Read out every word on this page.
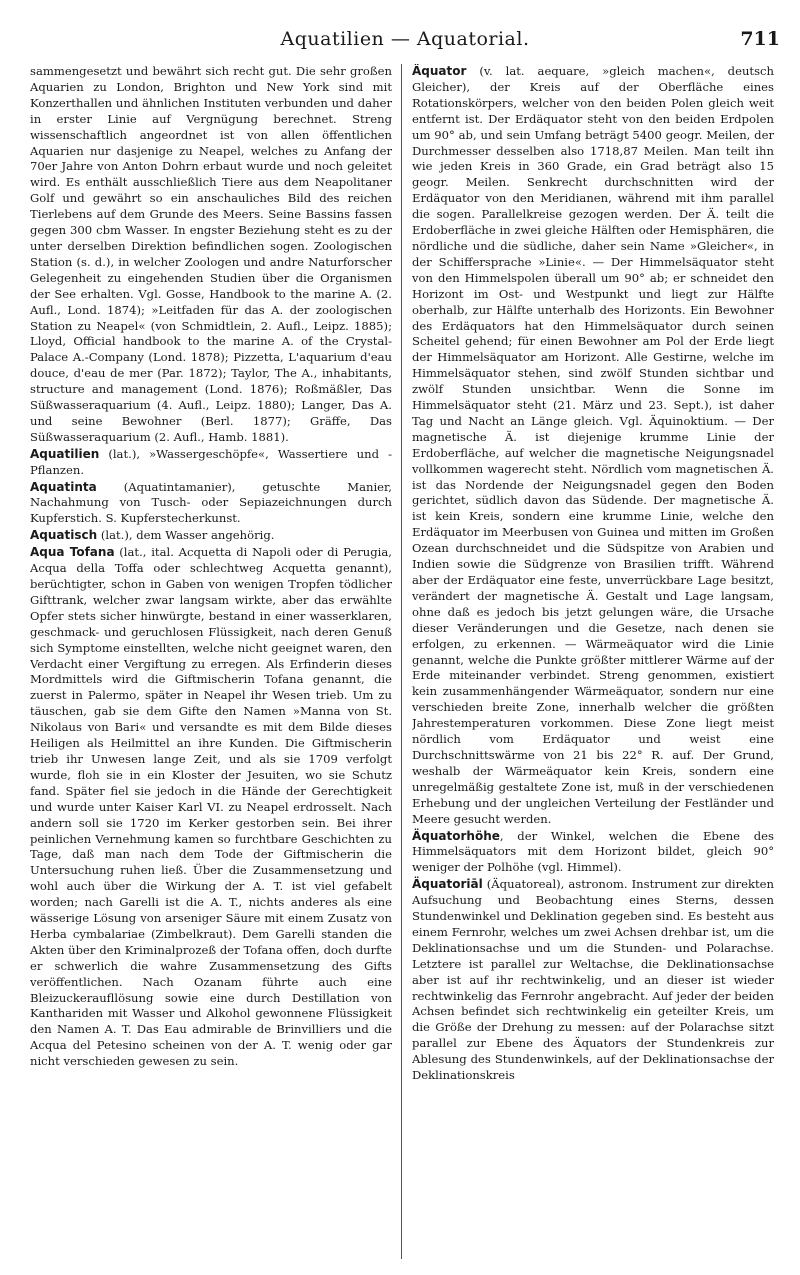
Aquatilien — Aquatorial.	711

sammengesetzt und bewährt sich recht gut. Die sehr großen Aquarien zu London, Brighton und New York sind mit Konzerthallen und ähnlichen Instituten verbunden und daher in erster Linie auf Vergnügung berechnet. Streng wissenschaftlich angeordnet ist von allen öffentlichen Aquarien nur dasjenige zu Neapel, welches zu Anfang der 70er Jahre von Anton Dohrn erbaut wurde und noch geleitet wird. Es enthält ausschließlich Tiere aus dem Neapolitaner Golf und gewährt so ein anschauliches Bild des reichen Tierlebens auf dem Grunde des Meers. Seine Bassins fassen gegen 300 cbm Wasser. In engster Beziehung steht es zu der unter derselben Direktion befindlichen sogen. Zoologischen Station (s. d.), in welcher Zoologen und andre Naturforscher Gelegenheit zu eingehenden Studien über die Organismen der See erhalten. Vgl. Gosse, Handbook to the marine A. (2. Aufl., Lond. 1874); »Leitfaden für das A. der zoologischen Station zu Neapel« (von Schmidtlein, 2. Aufl., Leipz. 1885); Lloyd, Official handbook to the marine A. of the Crystal-Palace A.-Company (Lond. 1878); Pizzetta, L'aquarium d'eau douce, d'eau de mer (Par. 1872); Taylor, The A., inhabitants, structure and management (Lond. 1876); Roßmäßler, Das Süßwasseraquarium (4. Aufl., Leipz. 1880); Langer, Das A. und seine Bewohner (Berl. 1877); Gräffe, Das Süßwasseraquarium (2. Aufl., Hamb. 1881).

Aquatilien (lat.), »Wassergeschöpfe«, Wassertiere und -Pflanzen.

Aquatinta (Aquatintamanier), getuschte Manier, Nachahmung von Tusch- oder Sepiazeichnungen durch Kupferstich. S. Kupferstecherkunst.

Aquatisch (lat.), dem Wasser angehörig.

Aqua Tofana (lat., ital. Acquetta di Napoli oder di Perugia, Acqua della Toffa oder schlechtweg Acquetta genannt), berüchtigter, schon in Gaben von wenigen Tropfen tödlicher Gifttrank, welcher zwar langsam wirkte, aber das erwählte Opfer stets sicher hinwürgte, bestand in einer wasserklaren, geschmack- und geruchlosen Flüssigkeit, nach deren Genuß sich Symptome einstellten, welche nicht geeignet waren, den Verdacht einer Vergiftung zu erregen. Als Erfinderin dieses Mordmittels wird die Giftmischerin Tofana genannt, die zuerst in Palermo, später in Neapel ihr Wesen trieb. Um zu täuschen, gab sie dem Gifte den Namen »Manna von St. Nikolaus von Bari« und versandte es mit dem Bilde dieses Heiligen als Heilmittel an ihre Kunden. Die Giftmischerin trieb ihr Unwesen lange Zeit, und als sie 1709 verfolgt wurde, floh sie in ein Kloster der Jesuiten, wo sie Schutz fand. Später fiel sie jedoch in die Hände der Gerechtigkeit und wurde unter Kaiser Karl VI. zu Neapel erdrosselt. Nach andern soll sie 1720 im Kerker gestorben sein. Bei ihrer peinlichen Vernehmung kamen so furchtbare Geschichten zu Tage, daß man nach dem Tode der Giftmischerin die Untersuchung ruhen ließ. Über die Zusammensetzung und wohl auch über die Wirkung der A. T. ist viel gefabelt worden; nach Garelli ist die A. T., nichts anderes als eine wässerige Lösung von arseniger Säure mit einem Zusatz von Herba cymbalariae (Zimbelkraut). Dem Garelli standen die Akten über den Kriminalprozeß der Tofana offen, doch durfte er schwerlich die wahre Zusammensetzung des Gifts veröffentlichen. Nach Ozanam führte auch eine Bleizuckeraufllösung sowie eine durch Destillation von Kanthariden mit Wasser und Alkohol gewonnene Flüssigkeit den Namen A. T. Das Eau admirable de Brinvilliers und die Acqua del Petesino scheinen von der A. T. wenig oder gar nicht verschieden gewesen zu sein.

Äquator (v. lat. aequare, »gleich machen«, deutsch Gleicher), der Kreis auf der Oberfläche eines Rotationskörpers, welcher von den beiden Polen gleich weit entfernt ist. Der Erdäquator steht von den beiden Erdpolen um 90° ab, und sein Umfang beträgt 5400 geogr. Meilen, der Durchmesser desselben also 1718,87 Meilen. Man teilt ihn wie jeden Kreis in 360 Grade, ein Grad beträgt also 15 geogr. Meilen. Senkrecht durchschnitten wird der Erdäquator von den Meridianen, während mit ihm parallel die sogen. Parallelkreise gezogen werden. Der Ä. teilt die Erdoberfläche in zwei gleiche Hälften oder Hemisphären, die nördliche und die südliche, daher sein Name »Gleicher«, in der Schiffersprache »Linie«. — Der Himmelsäquator steht von den Himmelspolen überall um 90° ab; er schneidet den Horizont im Ost- und Westpunkt und liegt zur Hälfte oberhalb, zur Hälfte unterhalb des Horizonts. Ein Bewohner des Erdäquators hat den Himmelsäquator durch seinen Scheitel gehend; für einen Bewohner am Pol der Erde liegt der Himmelsäquator am Horizont. Alle Gestirne, welche im Himmelsäquator stehen, sind zwölf Stunden sichtbar und zwölf Stunden unsichtbar. Wenn die Sonne im Himmelsäquator steht (21. März und 23. Sept.), ist daher Tag und Nacht an Länge gleich. Vgl. Äquinoktium. — Der magnetische Ä. ist diejenige krumme Linie der Erdoberfläche, auf welcher die magnetische Neigungsnadel vollkommen wagerecht steht. Nördlich vom magnetischen Ä. ist das Nordende der Neigungsnadel gegen den Boden gerichtet, südlich davon das Südende. Der magnetische Ä. ist kein Kreis, sondern eine krumme Linie, welche den Erdäquator im Meerbusen von Guinea und mitten im Großen Ozean durchschneidet und die Südspitze von Arabien und Indien sowie die Südgrenze von Brasilien trifft. Während aber der Erdäquator eine feste, unverrückbare Lage besitzt, verändert der magnetische Ä. Gestalt und Lage langsam, ohne daß es jedoch bis jetzt gelungen wäre, die Ursache dieser Veränderungen und die Gesetze, nach denen sie erfolgen, zu erkennen. — Wärmeäquator wird die Linie genannt, welche die Punkte größter mittlerer Wärme auf der Erde miteinander verbindet. Streng genommen, existiert kein zusammenhängender Wärmeäquator, sondern nur eine verschieden breite Zone, innerhalb welcher die größten Jahrestemperaturen vorkommen. Diese Zone liegt meist nördlich vom Erdäquator und weist eine Durchschnittswärme von 21 bis 22° R. auf. Der Grund, weshalb der Wärmeäquator kein Kreis, sondern eine unregelmäßig gestaltete Zone ist, muß in der verschiedenen Erhebung und der ungleichen Verteilung der Festländer und Meere gesucht werden.

Äquatorhöhe, der Winkel, welchen die Ebene des Himmelsäquators mit dem Horizont bildet, gleich 90° weniger der Polhöhe (vgl. Himmel).

Äquatoriāl (Äquatoreal), astronom. Instrument zur direkten Aufsuchung und Beobachtung eines Sterns, dessen Stundenwinkel und Deklination gegeben sind. Es besteht aus einem Fernrohr, welches um zwei Achsen drehbar ist, um die Deklinationsachse und um die Stunden- und Polarachse. Letztere ist parallel zur Weltachse, die Deklinationsachse aber ist auf ihr rechtwinkelig, und an dieser ist wieder rechtwinkelig das Fernrohr angebracht. Auf jeder der beiden Achsen befindet sich rechtwinkelig ein geteilter Kreis, um die Größe der Drehung zu messen: auf der Polarachse sitzt parallel zur Ebene des Äquators der Stundenkreis zur Ablesung des Stundenwinkels, auf der Deklinationsachse der Deklinationskreis
